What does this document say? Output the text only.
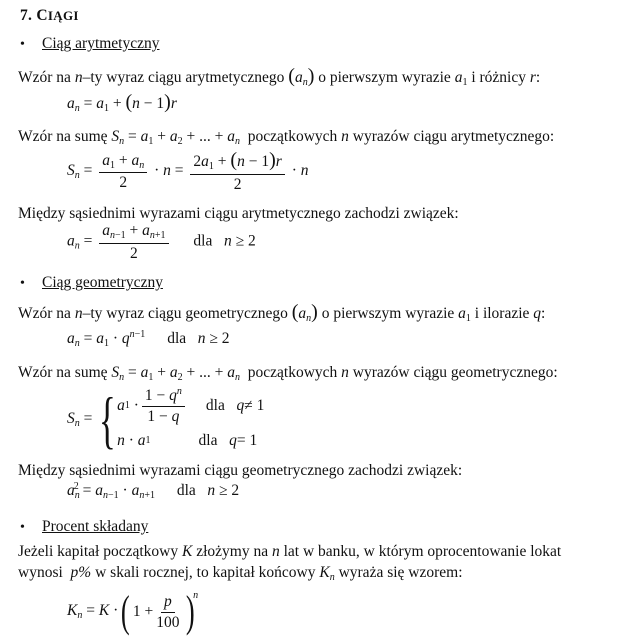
7. CIĄGI
•	Ciąg arytmetyczny
Wzór na n–ty wyraz ciągu arytmetycznego $(a_n)$ o pierwszym wyrazie $a_1$ i różnicy r:
$a_n = a_1 + (n - 1)r$
Wzór na sumę $S_n = a_1 + a_2$ + ... + $a_n$ początkowych n wyrazów ciągu arytmetycznego:
$S_n = \frac{a_1 + a_n}{2} \cdot n = \frac{2a_1 + (n - 1)r}{2} \cdot n$
Między sąsiednimi wyrazami ciągu arytmetycznego zachodzi związek:
$a_n = \frac{a_{n-1} + a_{n+1}}{2}$ dla n ≥ 2
•	Ciąg geometryczny
Wzór na n–ty wyraz ciągu geometrycznego $(a_n)$ o pierwszym wyrazie $a_1$ i ilorazie q:
$a_n = a_1 \cdot q^{n-1}$ dla n ≥ 2
Wzór na sumę $S_n = a_1 + a_2$ + ... + $a_n$ początkowych n wyrazów ciągu geometrycznego:
$S_n$ = { a $1 \cdot \frac{1 - q^n}{1 - q}$ dla
q ≠ 1
n · a 1	dla
q = 1
Między sąsiednimi wyrazami ciągu geometrycznego zachodzi związek:
$a_n^2 = a_{n-1} \cdot a_{n+1}$ dla n ≥ 2
•	Procent składany
Jeżeli kapitał początkowy K złożymy na n lat w banku, w którym oprocentowanie lokat
wynosi p% w skali rocznej, to kapitał końcowy $K_n$ wyraża się wzorem:
$K_n = K$ · ( $1 + \frac{p}{100}$ )
n
